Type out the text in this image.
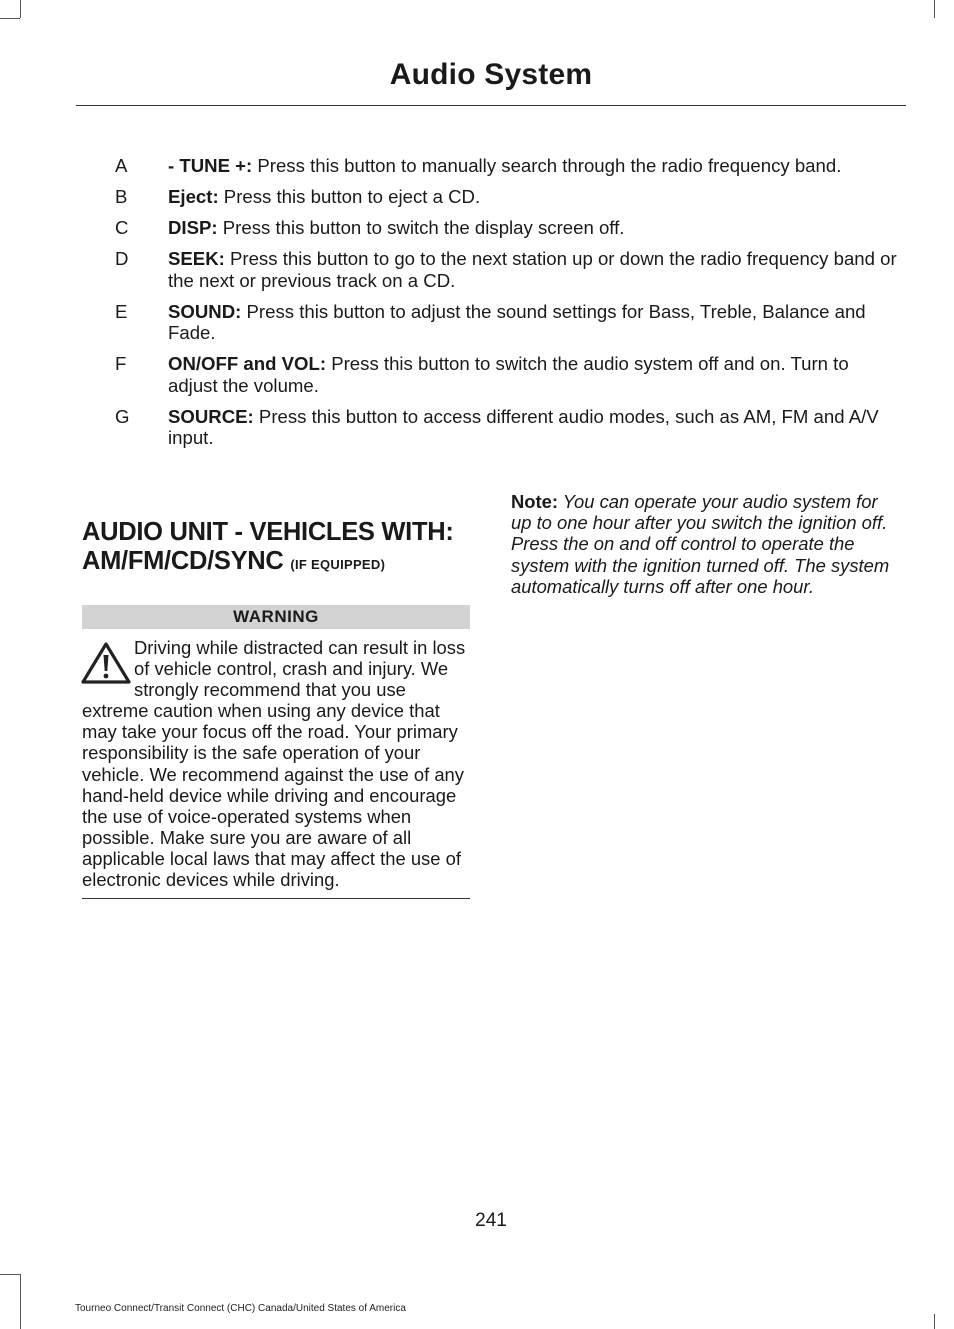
Audio System
A	- TUNE +: Press this button to manually search through the radio frequency band.
B	Eject: Press this button to eject a CD.
C	DISP: Press this button to switch the display screen off.
D	SEEK: Press this button to go to the next station up or down the radio frequency band or the next or previous track on a CD.
E	SOUND: Press this button to adjust the sound settings for Bass, Treble, Balance and Fade.
F	ON/OFF and VOL: Press this button to switch the audio system off and on. Turn to adjust the volume.
G	SOURCE: Press this button to access different audio modes, such as AM, FM and A/V input.
AUDIO UNIT - VEHICLES WITH:
AM/FM/CD/SYNC (IF EQUIPPED)
WARNING
Driving while distracted can result in loss of vehicle control, crash and injury. We strongly recommend that you use extreme caution when using any device that may take your focus off the road. Your primary responsibility is the safe operation of your vehicle. We recommend against the use of any hand-held device while driving and encourage the use of voice-operated systems when possible. Make sure you are aware of all applicable local laws that may affect the use of electronic devices while driving.
Note: You can operate your audio system for up to one hour after you switch the ignition off. Press the on and off control to operate the system with the ignition turned off. The system automatically turns off after one hour.
241
Tourneo Connect/Transit Connect (CHC) Canada/United States of America
